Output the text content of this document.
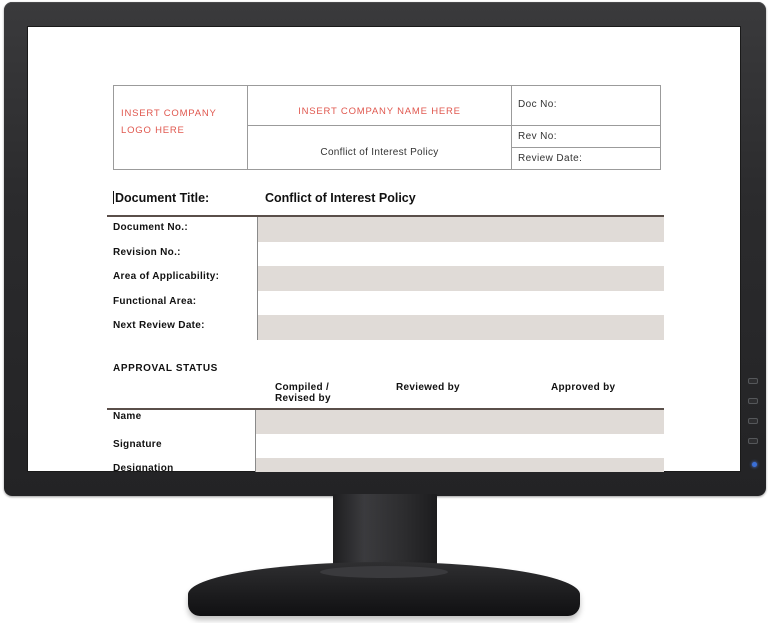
INSERT COMPANY LOGO HERE
INSERT COMPANY NAME HERE
Conflict of Interest Policy
Doc No:
Rev No:
Review Date:
Document Title:	Conflict of Interest Policy
Document No.:
Revision No.:
Area of Applicability:
Functional Area:
Next Review Date:
APPROVAL STATUS
Compiled / Revised by
Reviewed by	Approved by
Name
Signature
Designation
